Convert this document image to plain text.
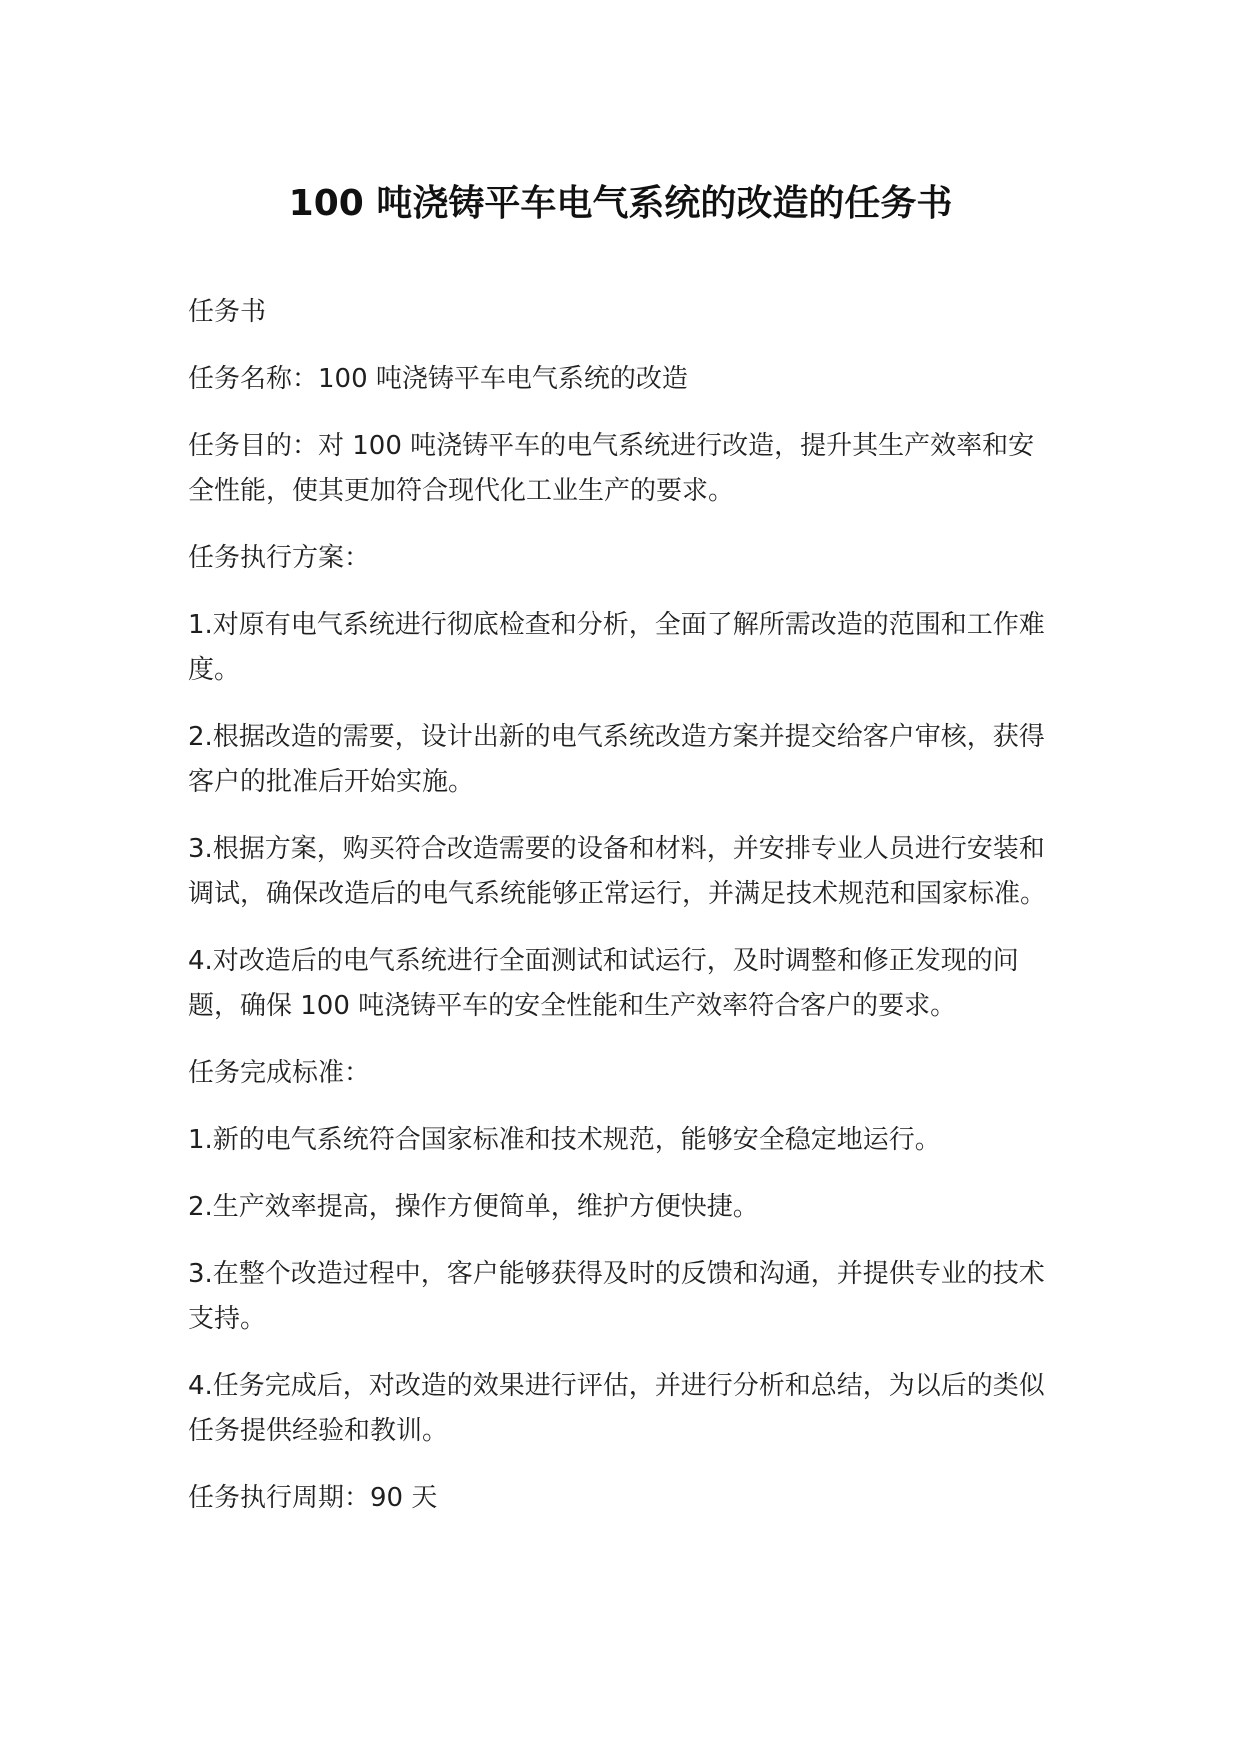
100 吨浇铸平车电气系统的改造的任务书

任务书

任务名称：100 吨浇铸平车电气系统的改造

任务目的：对 100 吨浇铸平车的电气系统进行改造，提升其生产效率和安全性能，使其更加符合现代化工业生产的要求。

任务执行方案：

1.对原有电气系统进行彻底检查和分析，全面了解所需改造的范围和工作难度。

2.根据改造的需要，设计出新的电气系统改造方案并提交给客户审核，获得客户的批准后开始实施。

3.根据方案，购买符合改造需要的设备和材料，并安排专业人员进行安装和调试，确保改造后的电气系统能够正常运行，并满足技术规范和国家标准。

4.对改造后的电气系统进行全面测试和试运行，及时调整和修正发现的问题，确保 100 吨浇铸平车的安全性能和生产效率符合客户的要求。

任务完成标准：

1.新的电气系统符合国家标准和技术规范，能够安全稳定地运行。

2.生产效率提高，操作方便简单，维护方便快捷。

3.在整个改造过程中，客户能够获得及时的反馈和沟通，并提供专业的技术支持。

4.任务完成后，对改造的效果进行评估，并进行分析和总结，为以后的类似任务提供经验和教训。

任务执行周期：90 天
